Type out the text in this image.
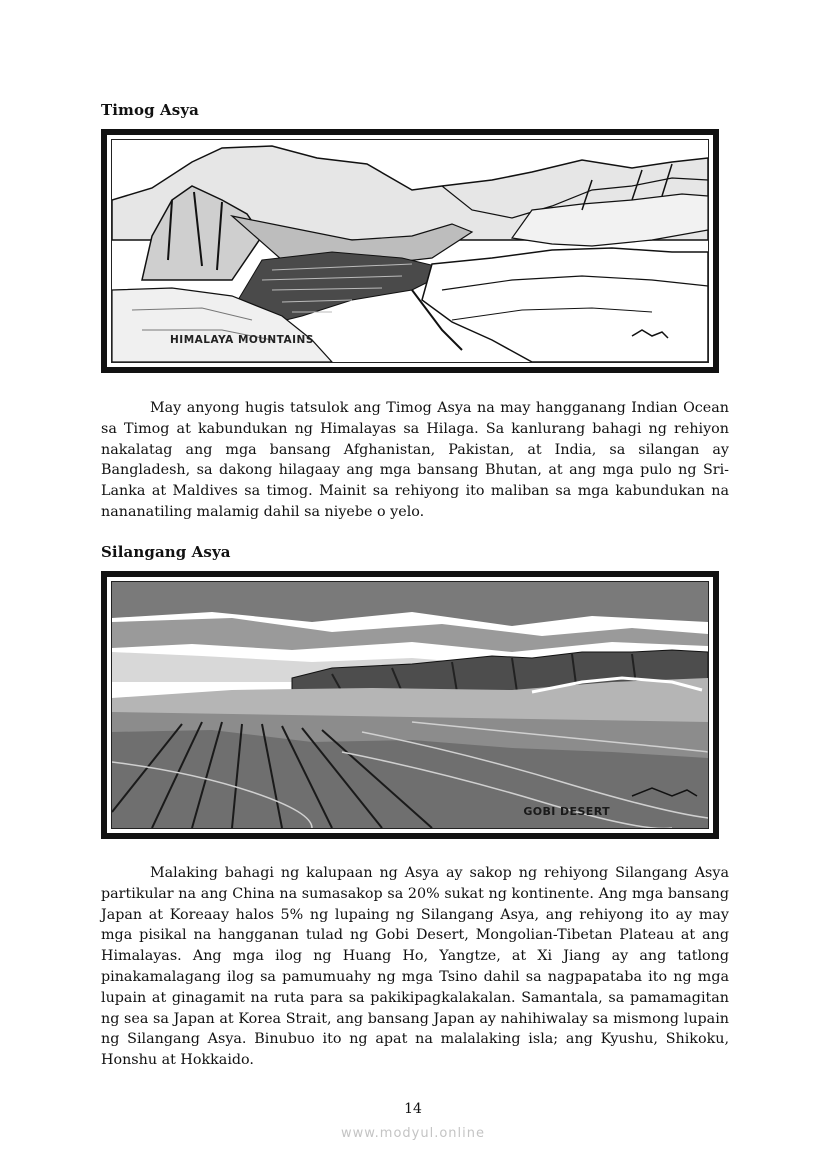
Timog Asya
HIMALAYA MOUNTAINS

May anyong hugis tatsulok ang Timog Asya na may hangganang Indian Ocean sa Timog at kabundukan ng Himalayas sa Hilaga. Sa kanlurang bahagi ng rehiyon nakalatag ang mga bansang Afghanistan, Pakistan, at India, sa silangan ay Bangladesh, sa dakong hilagaay ang mga bansang Bhutan, at ang mga pulo ng Sri-Lanka at Maldives sa timog. Mainit sa rehiyong ito maliban sa mga kabundukan na nananatiling malamig dahil sa niyebe o yelo.

Silangang Asya
GOBI DESERT

Malaking bahagi ng kalupaan ng Asya ay sakop ng rehiyong Silangang Asya partikular na ang China na sumasakop sa 20% sukat ng kontinente. Ang mga bansang Japan at Koreaay halos 5% ng lupaing ng Silangang Asya, ang rehiyong ito ay may mga pisikal na hangganan tulad ng Gobi Desert, Mongolian-Tibetan Plateau at ang Himalayas. Ang mga ilog ng Huang Ho, Yangtze, at Xi Jiang ay ang tatlong pinakamalagang ilog sa pamumuahy ng mga Tsino dahil sa nagpapataba ito ng mga lupain at ginagamit na ruta para sa pakikipagkalakalan. Samantala, sa pamamagitan ng sea sa Japan at Korea Strait, ang bansang Japan ay nahihiwalay sa mismong lupain ng Silangang Asya. Binubuo ito ng apat na malalaking isla; ang Kyushu, Shikoku, Honshu at Hokkaido.

14
www.modyul.online
